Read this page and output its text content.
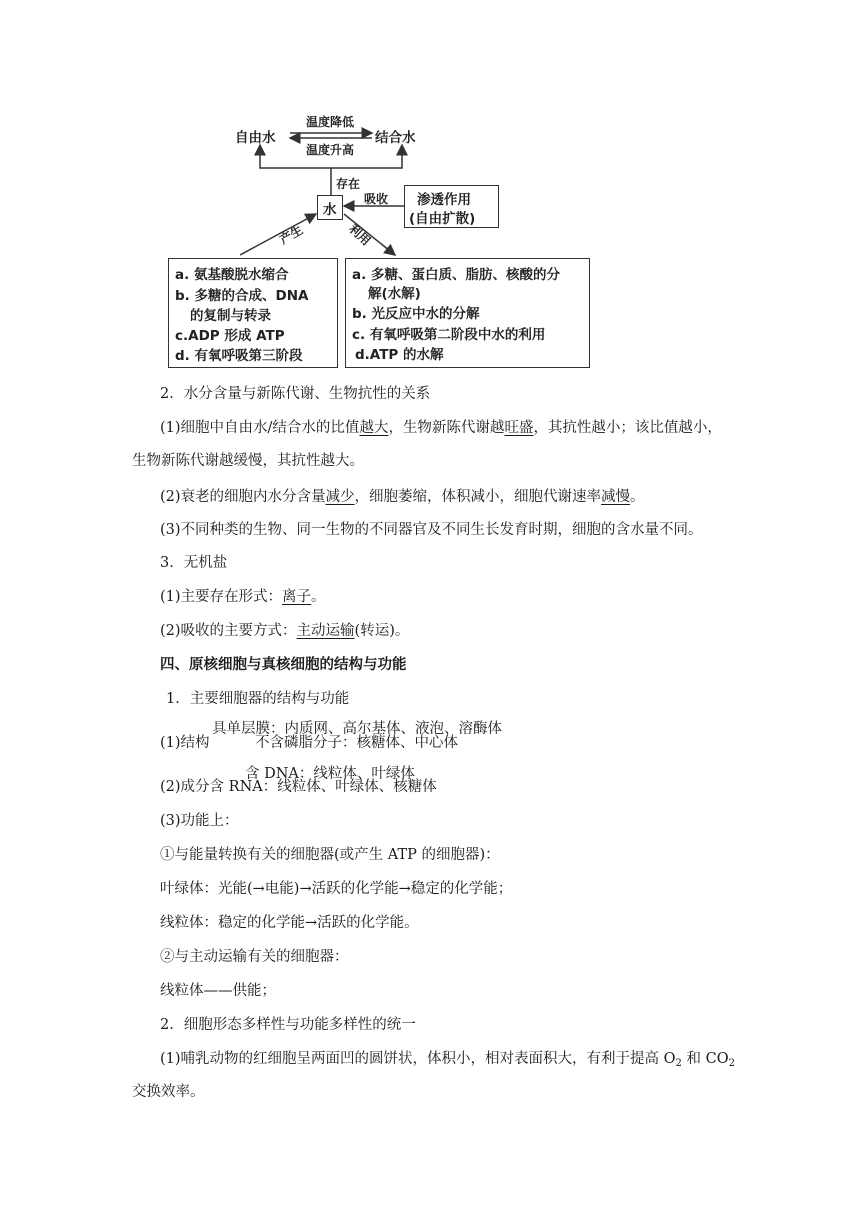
自由水	结合水
温度降低
温度升高
存在
吸收
水
渗透作用
(自由扩散)
产生	利用
a. 氨基酸脱水缩合
b. 多糖的合成、DNA
的复制与转录
c.ADP 形成 ATP
d. 有氧呼吸第三阶段
a. 多糖、蛋白质、脂肪、核酸的分
解(水解)
b. 光反应中水的分解
c. 有氧呼吸第二阶段中水的利用
d.ATP 的水解
2．水分含量与新陈代谢、生物抗性的关系
(1)细胞中自由水/结合水的比值越大，生物新陈代谢越旺盛，其抗性越小；该比值越小，
生物新陈代谢越缓慢，其抗性越大。
(2)衰老的细胞内水分含量减少，细胞萎缩，体积减小，细胞代谢速率减慢。
(3)不同种类的生物、同一生物的不同器官及不同生长发育时期，细胞的含水量不同。
3．无机盐
(1)主要存在形式：离子。
(2)吸收的主要方式：主动运输(转运)。
四、原核细胞与真核细胞的结构与功能
1．主要细胞器的结构与功能
具单层膜：内质网、高尔基体、液泡、溶酶体
(1)结构	不含磷脂分子：核糖体、中心体
含 DNA：线粒体、叶绿体
(2)成分含 RNA：线粒体、叶绿体、核糖体
(3)功能上：
①与能量转换有关的细胞器(或产生 ATP 的细胞器)：
叶绿体：光能(→电能)→活跃的化学能→稳定的化学能；
线粒体：稳定的化学能→活跃的化学能。
②与主动运输有关的细胞器：
线粒体——供能；
2．细胞形态多样性与功能多样性的统一
(1)哺乳动物的红细胞呈两面凹的圆饼状，体积小，相对表面积大，有利于提高 $O_2$ 和 $CO_2$
交换效率。
